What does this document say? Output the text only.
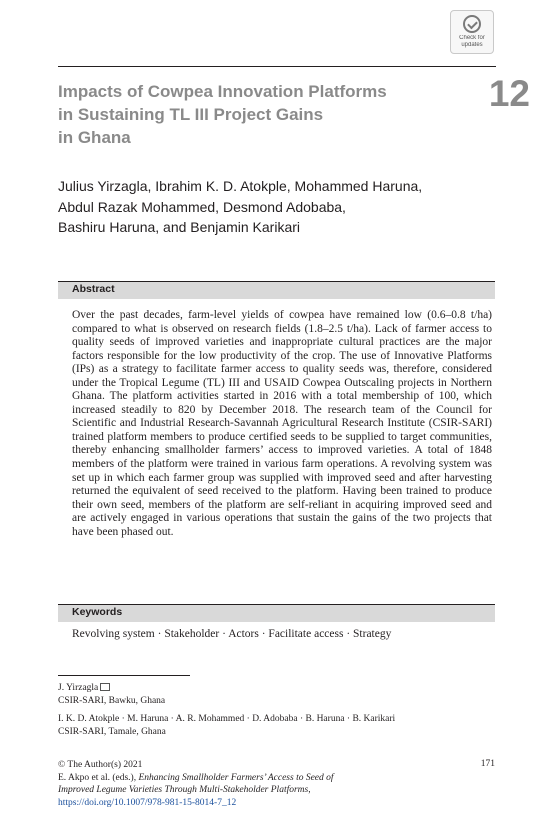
Check for
updates
Impacts of Cowpea Innovation Platforms
in Sustaining TL III Project Gains
in Ghana
12
Julius Yirzagla, Ibrahim K. D. Atokple, Mohammed Haruna,
Abdul Razak Mohammed, Desmond Adobaba,
Bashiru Haruna, and Benjamin Karikari
Abstract
Over the past decades, farm-level yields of cowpea have remained low (0.6–0.8 t/ha) compared to what is observed on research fields (1.8–2.5 t/ha). Lack of farmer access to quality seeds of improved varieties and inappropriate cultural practices are the major factors responsible for the low productivity of the crop. The use of Innovative Platforms (IPs) as a strategy to facilitate farmer access to quality seeds was, therefore, considered under the Tropical Legume (TL) III and USAID Cowpea Outscaling projects in Northern Ghana. The platform activities started in 2016 with a total membership of 100, which increased steadily to 820 by December 2018. The research team of the Council for Scientific and Industrial Research-Savannah Agricultural Research Institute (CSIR-SARI) trained platform members to produce certified seeds to be supplied to target communities, thereby enhancing smallholder farmers’ access to improved varieties. A total of 1848 members of the platform were trained in various farm operations. A revolving system was set up in which each farmer group was supplied with improved seed and after harvesting returned the equivalent of seed received to the platform. Having been trained to produce their own seed, members of the platform are self-reliant in acquiring improved seed and are actively engaged in various operations that sustain the gains of the two projects that have been phased out.
Keywords
Revolving system · Stakeholder · Actors · Facilitate access · Strategy
J. Yirzagla
CSIR-SARI, Bawku, Ghana
I. K. D. Atokple · M. Haruna · A. R. Mohammed · D. Adobaba · B. Haruna · B. Karikari
CSIR-SARI, Tamale, Ghana
© The Author(s) 2021
E. Akpo et al. (eds.), Enhancing Smallholder Farmers’ Access to Seed of
Improved Legume Varieties Through Multi-Stakeholder Platforms,
https://doi.org/10.1007/978-981-15-8014-7_12
171
